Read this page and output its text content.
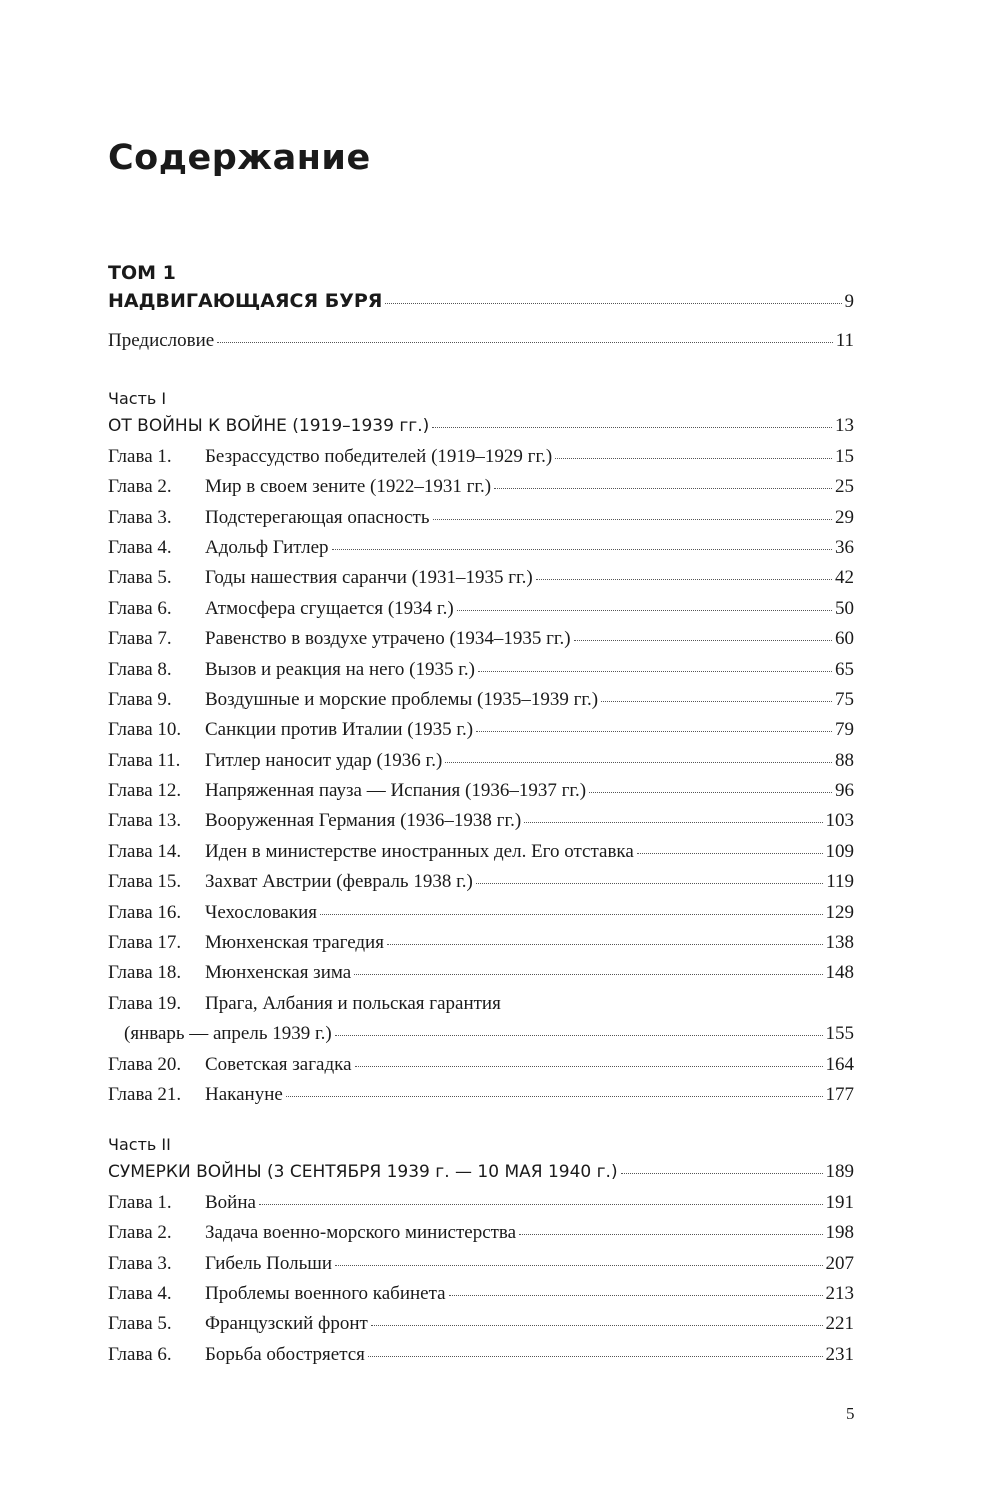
Содержание
ТОМ 1
НАДВИГАЮЩАЯСЯ БУРЯ	9
Предисловие	11
Часть I
ОТ ВОЙНЫ К ВОЙНЕ (1919–1939 гг.)	13
Глава 1.	Безрассудство победителей (1919–1929 гг.)	15
Глава 2.	Мир в своем зените (1922–1931 гг.)	25
Глава 3.	Подстерегающая опасность	29
Глава 4.	Адольф Гитлер	36
Глава 5.	Годы нашествия саранчи (1931–1935 гг.)	42
Глава 6.	Атмосфера сгущается (1934 г.)	50
Глава 7.	Равенство в воздухе утрачено (1934–1935 гг.)	60
Глава 8.	Вызов и реакция на него (1935 г.)	65
Глава 9.	Воздушные и морские проблемы (1935–1939 гг.)	75
Глава 10.	Санкции против Италии (1935 г.)	79
Глава 11.	Гитлер наносит удар (1936 г.)	88
Глава 12.	Напряженная пауза — Испания (1936–1937 гг.)	96
Глава 13.	Вооруженная Германия (1936–1938 гг.)	103
Глава 14.	Иден в министерстве иностранных дел. Его отставка	109
Глава 15.	Захват Австрии (февраль 1938 г.)	119
Глава 16.	Чехословакия	129
Глава 17.	Мюнхенская трагедия	138
Глава 18.	Мюнхенская зима	148
Глава 19.	Прага, Албания и польская гарантия
(январь — апрель 1939 г.)	155
Глава 20.	Советская загадка	164
Глава 21.	Накануне	177
Часть II
СУМЕРКИ ВОЙНЫ (3 СЕНТЯБРЯ 1939 г. — 10 МАЯ 1940 г.)	189
Глава 1.	Война	191
Глава 2.	Задача военно-морского министерства	198
Глава 3.	Гибель Польши	207
Глава 4.	Проблемы военного кабинета	213
Глава 5.	Французский фронт	221
Глава 6.	Борьба обостряется	231
5
